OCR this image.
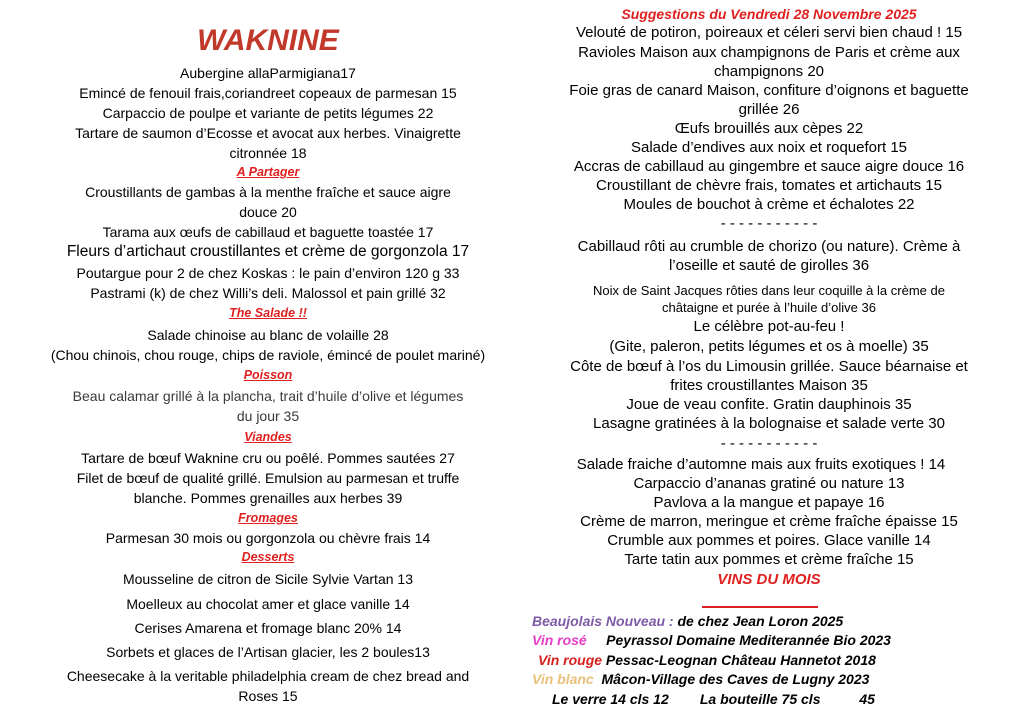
WAKNINE
Aubergine allaParmigiana17
Emincé de fenouil frais,coriandreet copeaux de parmesan 15
Carpaccio de poulpe et variante de petits légumes 22
Tartare de saumon d’Ecosse et avocat aux herbes. Vinaigrette
citronnée 18
A Partager
Croustillants de gambas à la menthe fraîche et sauce aigre
douce 20
Tarama aux œufs de cabillaud et baguette toastée 17
Fleurs d’artichaut croustillantes et crème de gorgonzola 17
Poutargue pour 2 de chez Koskas : le pain d’environ 120 g 33
Pastrami (k) de chez Willi’s deli. Malossol et pain grillé 32
The Salade !!
Salade chinoise au blanc de volaille 28
(Chou chinois, chou rouge, chips de raviole, émincé de poulet mariné)
Poisson
Beau calamar grillé à la plancha, trait d’huile d’olive et légumes
du jour 35
Viandes
Tartare de bœuf Waknine cru ou poêlé. Pommes sautées 27
Filet de bœuf de qualité grillé. Emulsion au parmesan et truffe
blanche. Pommes grenailles aux herbes 39
Fromages
Parmesan 30 mois ou gorgonzola ou chèvre frais 14
Desserts
Mousseline de citron de Sicile Sylvie Vartan 13
Moelleux au chocolat amer et glace vanille 14
Cerises Amarena et fromage blanc 20% 14
Sorbets et glaces de l’Artisan glacier, les 2 boules13
Cheesecake à la veritable philadelphia cream de chez bread and
Roses 15
Suggestions du Vendredi 28 Novembre 2025
Velouté de potiron, poireaux et céleri servi bien chaud ! 15
Ravioles Maison aux champignons de Paris et crème aux
champignons 20
Foie gras de canard Maison, confiture d’oignons et baguette
grillée 26
Œufs brouillés aux cèpes 22
Salade d’endives aux noix et roquefort 15
Accras de cabillaud au gingembre et sauce aigre douce 16
Croustillant de chèvre frais, tomates et artichauts 15
Moules de bouchot à crème et échalotes 22
- - - - - - - - - - -
Cabillaud rôti au crumble de chorizo (ou nature). Crème à
l’oseille et sauté de girolles 36
Noix de Saint Jacques rôties dans leur coquille à la crème de
châtaigne et purée à l’huile d’olive 36
Le célèbre pot-au-feu !
(Gite, paleron, petits légumes et os à moelle) 35
Côte de bœuf à l’os du Limousin grillée. Sauce béarnaise et
frites croustillantes Maison 35
Joue de veau confite. Gratin dauphinois 35
Lasagne gratinées à la bolognaise et salade verte 30
- - - - - - - - - - -
Salade fraiche d’automne mais aux fruits exotiques ! 14
Carpaccio d’ananas gratiné ou nature 13
Pavlova a la mangue et papaye 16
Crème de marron, meringue et crème fraîche épaisse 15
Crumble aux pommes et poires. Glace vanille 14
Tarte tatin aux pommes et crème fraîche 15
VINS DU MOIS
Beaujolais Nouveau : de chez Jean Loron 2025
Vin rosé     Peyrassol Domaine Mediterannée Bio 2023
Vin rouge Pessac-Leognan Château Hannetot 2018
Vin blanc  Mâcon-Village des Caves de Lugny 2023
Le verre 14 cls 12        La bouteille 75 cls          45
